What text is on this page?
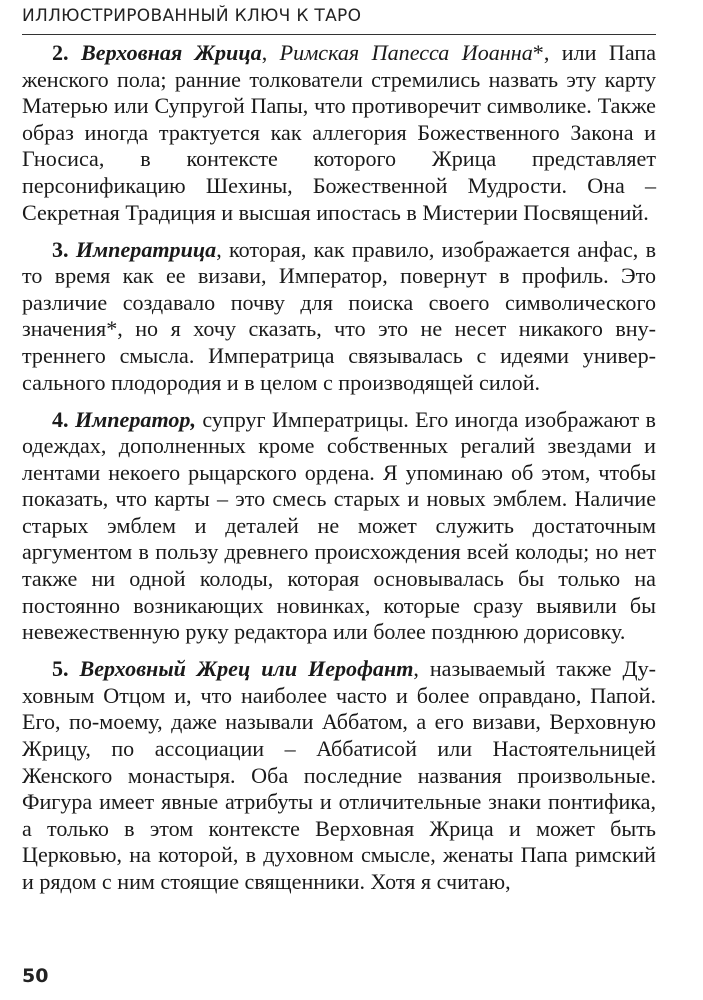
ИЛЛЮСТРИРОВАННЫЙ КЛЮЧ К ТАРО

2. Верховная Жрица, Римская Папесса Иоанна*, или Папа женского пола; ранние толкователи стремились назвать эту карту Матерью или Супругой Папы, что противоречит символике. Также образ иногда трактуется как аллегория Божественного Закона и Гносиса, в контексте которого Жрица представляет персонификацию Шехины, Божественной Мудрости. Она – Секретная Традиция и высшая ипостась в Мистерии Посвящений.

3. Императрица, которая, как правило, изображается анфас, в то время как ее визави, Император, повернут в профиль. Это различие создавало почву для поиска своего символического значения*, но я хочу сказать, что это не несет никакого внутреннего смысла. Императрица связывалась с идеями универсального плодородия и в целом с производящей силой.

4. Император, супруг Императрицы. Его иногда изображают в одеждах, дополненных кроме собственных регалий звездами и лентами некоего рыцарского ордена. Я упоминаю об этом, чтобы показать, что карты – это смесь старых и новых эмблем. Наличие старых эмблем и деталей не может служить достаточным аргументом в пользу древнего происхождения всей колоды; но нет также ни одной колоды, которая основывалась бы только на постоянно возникающих новинках, которые сразу выявили бы невежественную руку редактора или более позднюю дорисовку.

5. Верховный Жрец или Иерофант, называемый также Духовным Отцом и, что наиболее часто и более оправдано, Папой. Его, по-моему, даже называли Аббатом, а его визави, Верховную Жрицу, по ассоциации – Аббатисой или Настоятельницей Женского монастыря. Оба последние названия произвольные. Фигура имеет явные атрибуты и отличительные знаки понтифика, а только в этом контексте Верховная Жрица и может быть Церковью, на которой, в духовном смысле, женаты Папа римский и рядом с ним стоящие священники. Хотя я считаю,

50
